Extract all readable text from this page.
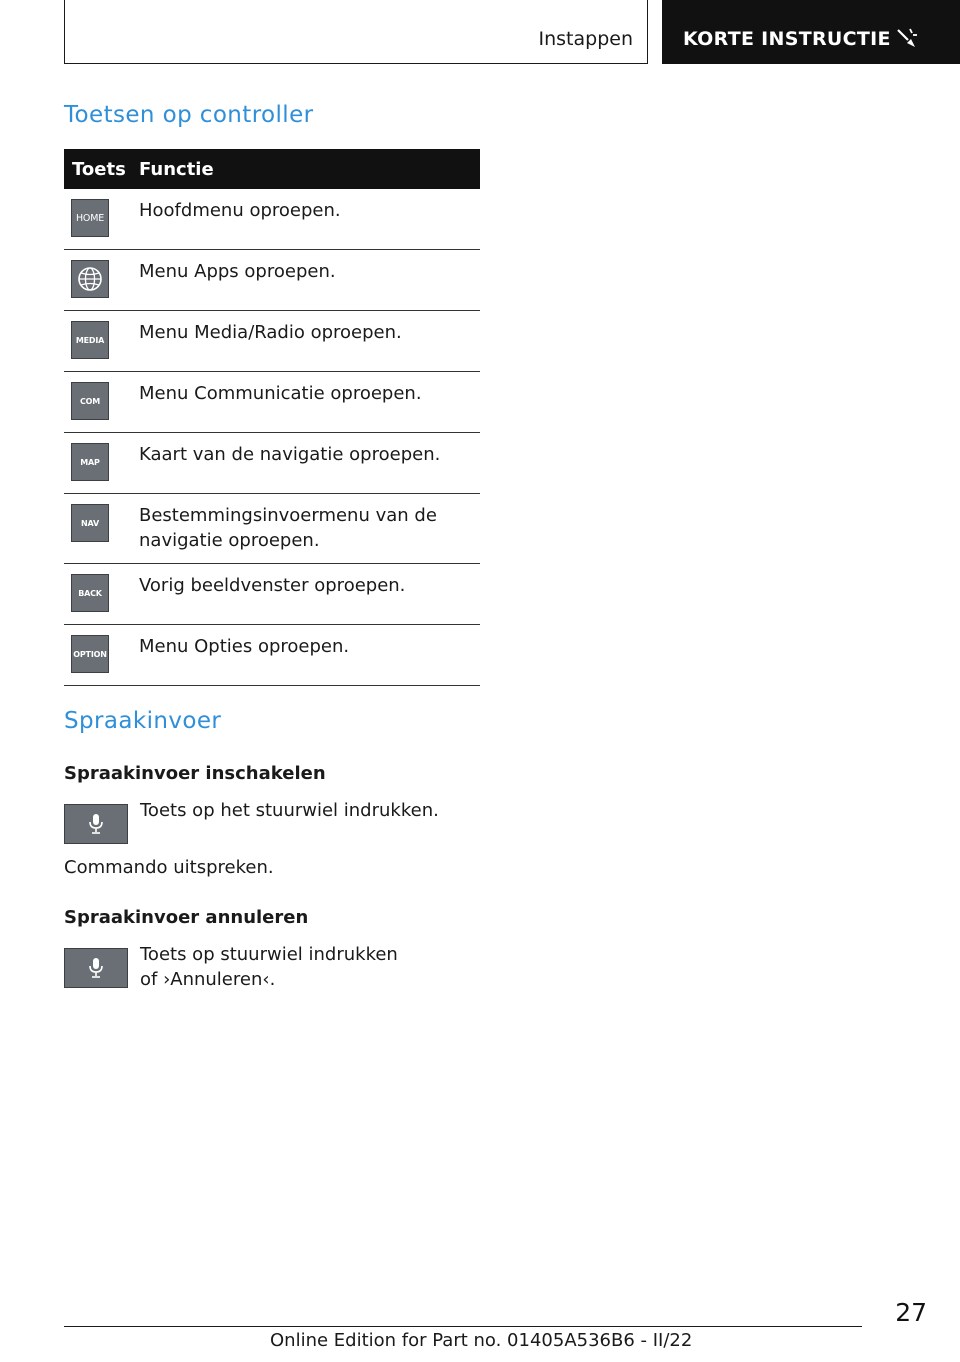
Instappen	KORTE INSTRUCTIE
Toetsen op controller
Toets	Functie

HOME	Hoofdmenu oproepen.

	Menu Apps oproepen.

MEDIA	Menu Media/Radio oproepen.

COM	Menu Communicatie oproepen.

MAP	Kaart van de navigatie oproepen.

NAV	Bestemmingsinvoermenu van de navigatie oproepen.

BACK	Vorig beeldvenster oproepen.

OPTION	Menu Opties oproepen.
Spraakinvoer
Spraakinvoer inschakelen
Toets op het stuurwiel indrukken.
Commando uitspreken.
Spraakinvoer annuleren
Toets op stuurwiel indrukken
of ›Annuleren‹.
27
Online Edition for Part no. 01405A536B6 - II/22
